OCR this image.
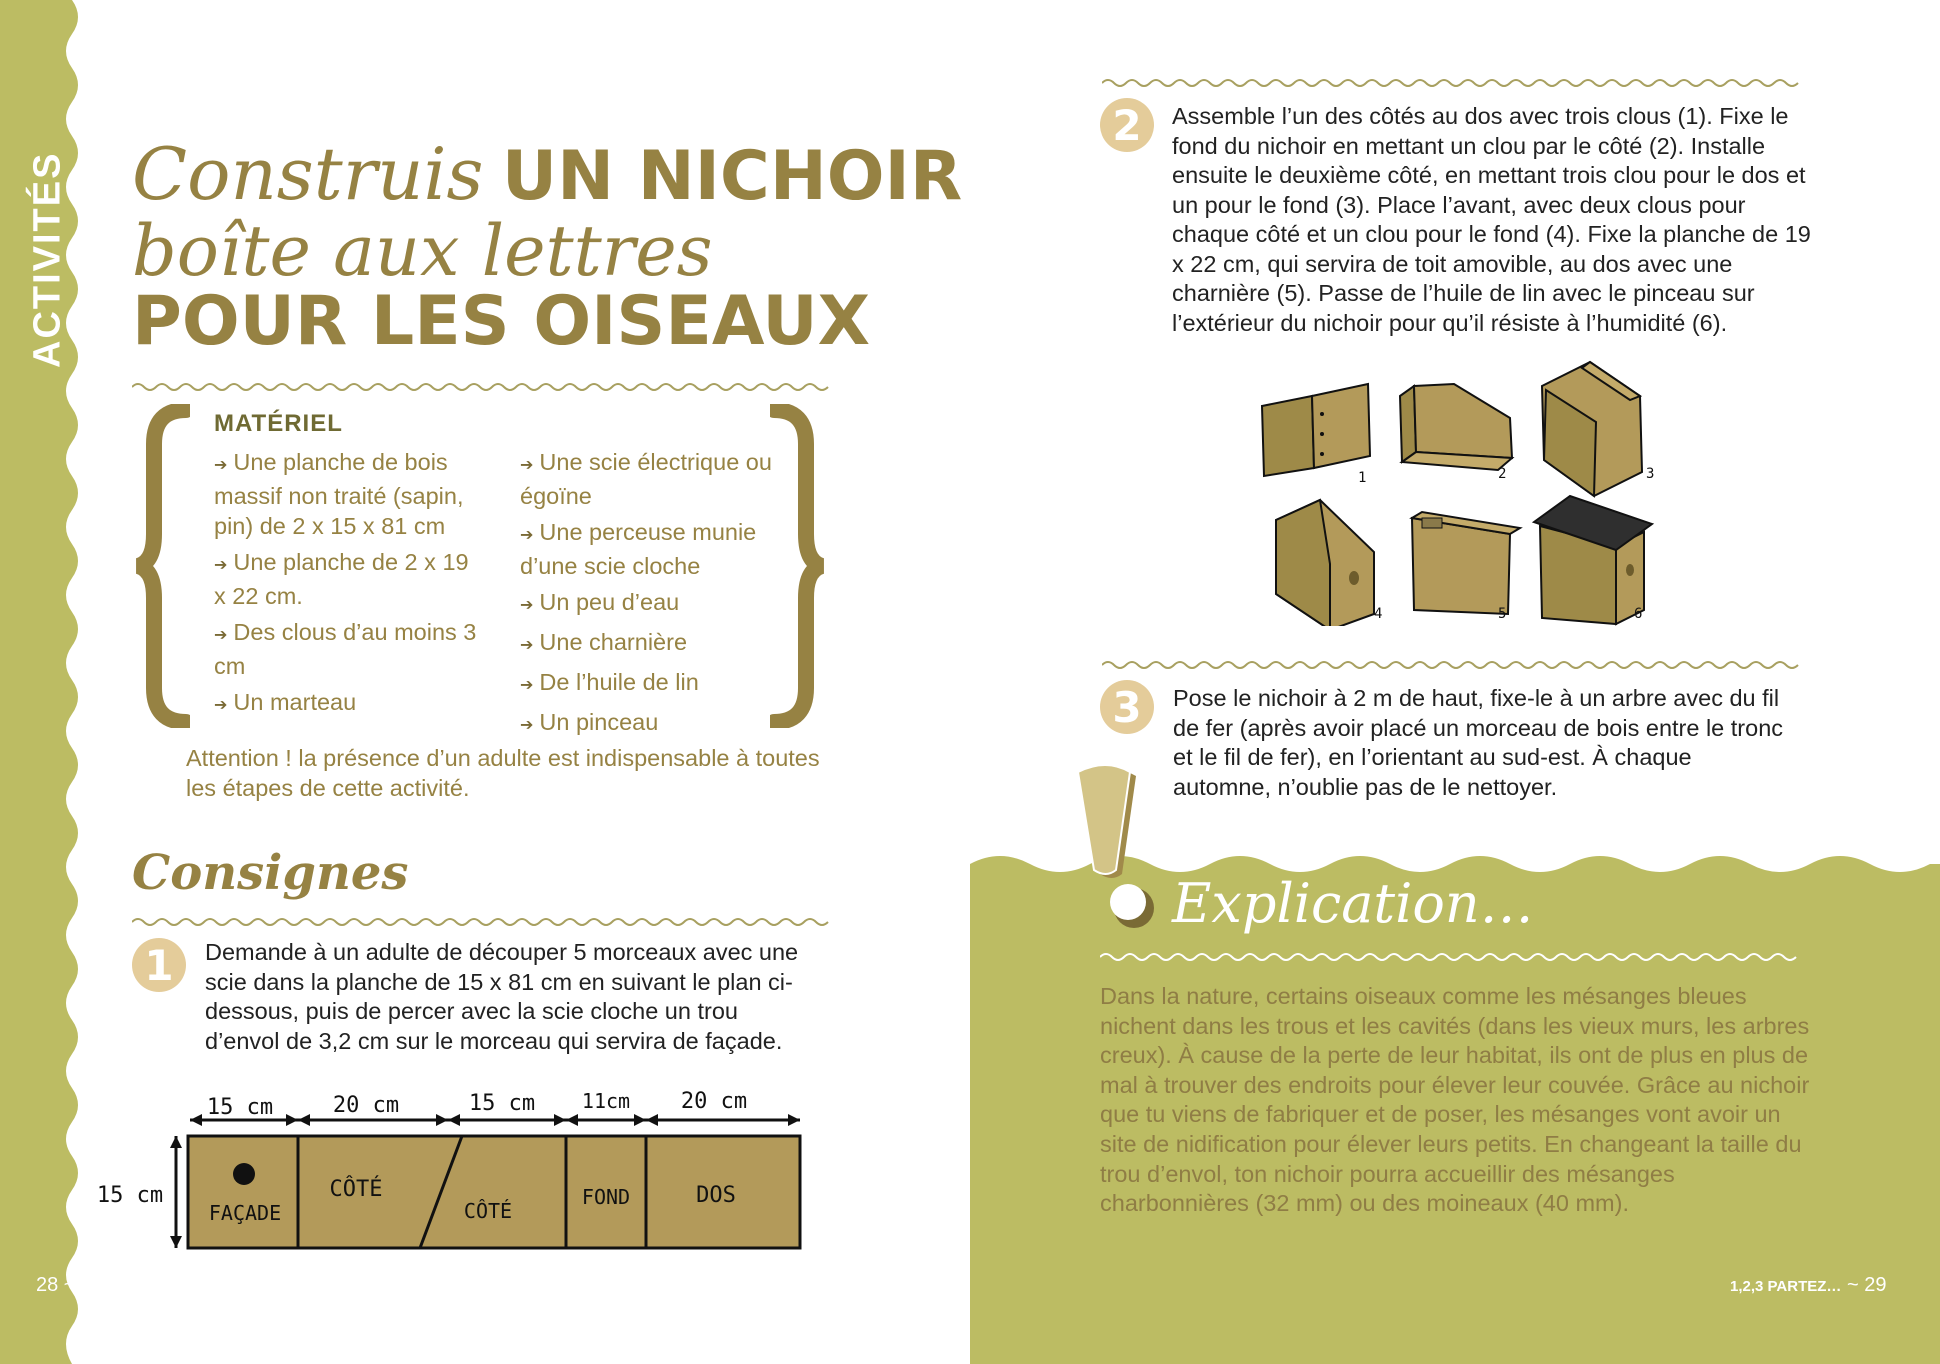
ACTIVITÉS
28 ~
Construis UN NICHOIR
boîte aux lettres
POUR LES OISEAUX
MATÉRIEL
➔ Une planche de bois massif non traité (sapin, pin) de 2 x 15 x 81 cm
➔ Une planche de 2 x 19 x 22 cm.
➔ Des clous d’au moins 3 cm
➔ Un marteau
➔ Une scie électrique ou égoïne
➔ Une perceuse munie d’une scie cloche
➔ Un peu d’eau
➔ Une charnière
➔ De l’huile de lin
➔ Un pinceau
Attention ! la présence d’un adulte est indispensable à toutes les étapes de cette activité.
Consignes
1	Demande à un adulte de découper 5 morceaux avec une scie dans la planche de 15 x 81 cm en suivant le plan ci-dessous, puis de percer avec la scie cloche un trou d’envol de 3,2 cm sur le morceau qui servira de façade.
15 cm	20 cm	15 cm 11cm 20 cm
15 cm
FAÇADE
CÔTÉ
CÔTÉ
FOND	DOS
2	Assemble l’un des côtés au dos avec trois clous (1). Fixe le fond du nichoir en mettant un clou par le côté (2). Installe ensuite le deuxième côté, en mettant trois clou pour le dos et un pour le fond (3). Place l’avant, avec deux clous pour chaque côté et un clou pour le fond (4). Fixe la planche de 19 x 22 cm, qui servira de toit amovible, au dos avec une charnière (5). Passe de l’huile de lin avec le pinceau sur l’extérieur du nichoir pour qu’il résiste à l’humidité (6).
1	2	3
4	5	6
3	Pose le nichoir à 2 m de haut, fixe-le à un arbre avec du fil de fer (après avoir placé un morceau de bois entre le tronc et le fil de fer), en l’orientant au sud-est. À chaque automne, n’oublie pas de le nettoyer.
Explication…
Dans la nature, certains oiseaux comme les mésanges bleues nichent dans les trous et les cavités (dans les vieux murs, les arbres creux). À cause de la perte de leur habitat, ils ont de plus en plus de mal à trouver des endroits pour élever leur couvée. Grâce au nichoir que tu viens de fabriquer et de poser, les mésanges vont avoir un site de nidification pour élever leurs petits. En changeant la taille du trou d’envol, ton nichoir pourra accueillir des mésanges charbonnières (32 mm) ou des moineaux (40 mm).
1,2,3 PARTEZ… ~ 29
